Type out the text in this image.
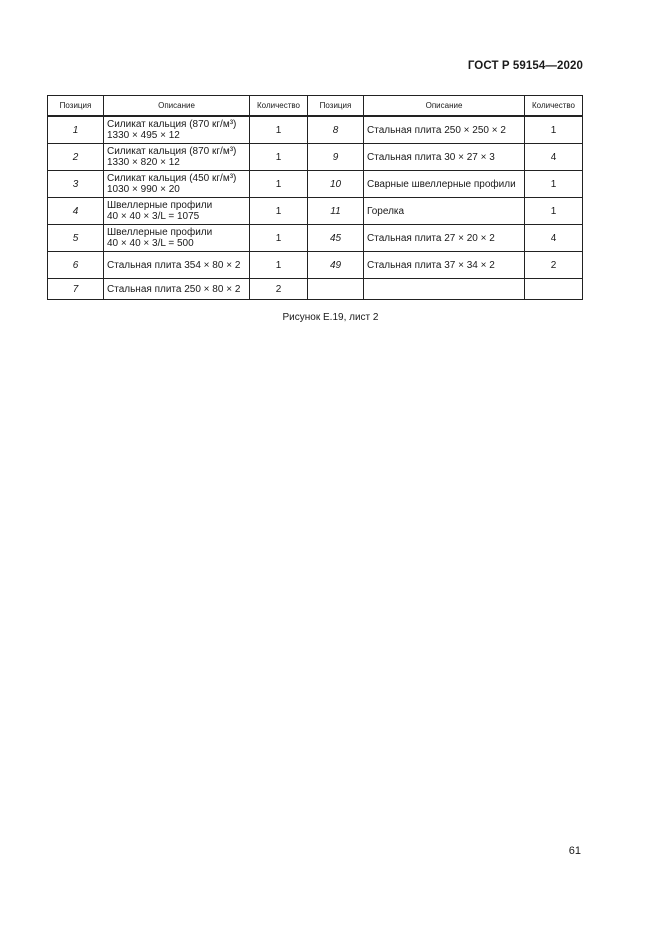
ГОСТ Р 59154—2020
Позиция	Описание	Количество	Позиция	Описание	Количество
1	Силикат кальция (870 кг/м³)
1330 × 495 × 12	1	8	Стальная плита 250 × 250 × 2	1
2	Силикат кальция (870 кг/м³)
1330 × 820 × 12	1	9	Стальная плита 30 × 27 × 3	4
3	Силикат кальция (450 кг/м³)
1030 × 990 × 20	1	10	Сварные швеллерные профили	1
4	Швеллерные профили
40 × 40 × 3/L = 1075	1	11	Горелка	1
5	Швеллерные профили
40 × 40 × 3/L = 500	1	45	Стальная плита 27 × 20 × 2	4
6	Стальная плита 354 × 80 × 2	1	49	Стальная плита 37 × 34 × 2	2
7	Стальная плита 250 × 80 × 2	2			
Рисунок Е.19, лист 2
61
